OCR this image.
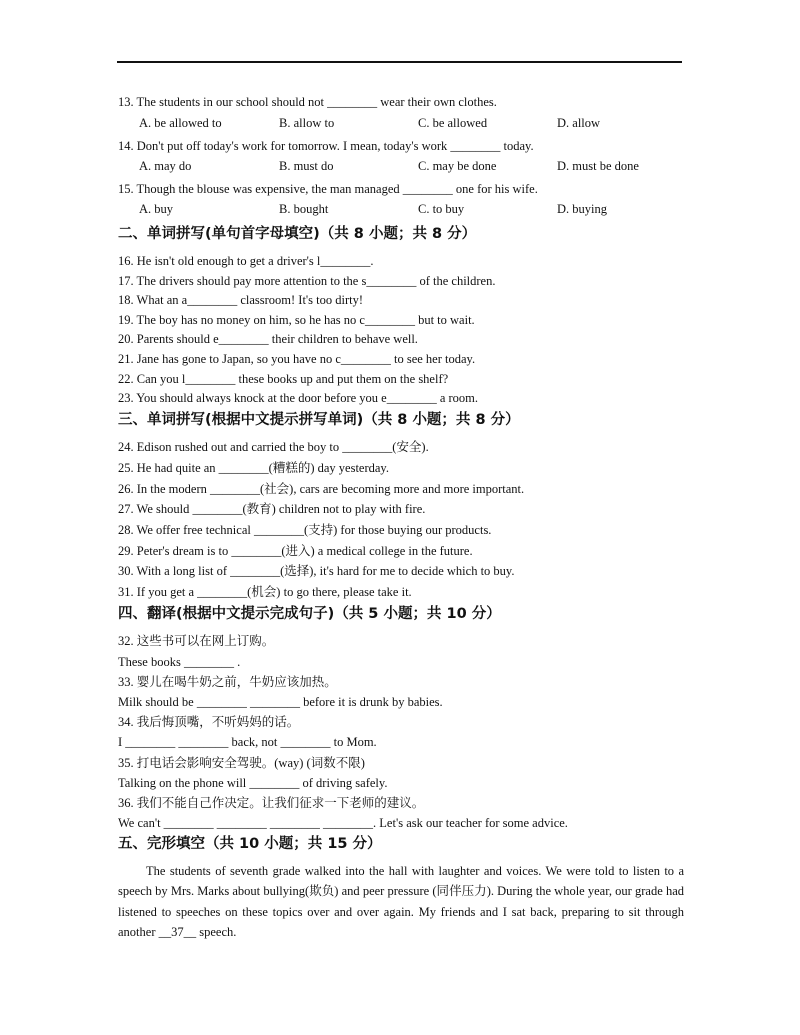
13. The students in our school should not ________ wear their own clothes.
A. be allowed to	B. allow to	C. be allowed	D. allow
14. Don't put off today's work for tomorrow. I mean, today's work ________ today.
A. may do	B. must do	C. may be done	D. must be done
15. Though the blouse was expensive, the man managed ________ one for his wife.
A. buy	B. bought	C. to buy	D. buying
二、单词拼写(单句首字母填空)（共 8 小题；共 8 分）
16. He isn't old enough to get a driver's l________.
17. The drivers should pay more attention to the s________ of the children.
18. What an a________ classroom! It's too dirty!
19. The boy has no money on him, so he has no c________ but to wait.
20. Parents should e________ their children to behave well.
21. Jane has gone to Japan, so you have no c________ to see her today.
22. Can you l________ these books up and put them on the shelf?
23. You should always knock at the door before you e________ a room.
三、单词拼写(根据中文提示拼写单词)（共 8 小题；共 8 分）
24. Edison rushed out and carried the boy to ________(安全).
25. He had quite an ________(糟糕的) day yesterday.
26. In the modern ________(社会), cars are becoming more and more important.
27. We should ________(教育) children not to play with fire.
28. We offer free technical ________(支持) for those buying our products.
29. Peter's dream is to ________(进入) a medical college in the future.
30. With a long list of ________(选择), it's hard for me to decide which to buy.
31. If you get a ________(机会) to go there, please take it.
四、翻译(根据中文提示完成句子)（共 5 小题；共 10 分）
32. 这些书可以在网上订购。
These books ________ .
33. 婴儿在喝牛奶之前，牛奶应该加热。
Milk should be ________ ________ before it is drunk by babies.
34. 我后悔顶嘴，不听妈妈的话。
I ________ ________ back, not ________ to Mom.
35. 打电话会影响安全驾驶。(way) (词数不限)
Talking on the phone will ________ of driving safely.
36. 我们不能自己作决定。让我们征求一下老师的建议。
We can't ________ ________ ________ ________. Let's ask our teacher for some advice.
五、完形填空（共 10 小题；共 15 分）
The students of seventh grade walked into the hall with laughter and voices. We were told to listen to a speech by Mrs. Marks about bullying(欺负) and peer pressure (同伴压力). During the whole year, our grade had listened to speeches on these topics over and over again. My friends and I sat back, preparing to sit through another __37__ speech.
